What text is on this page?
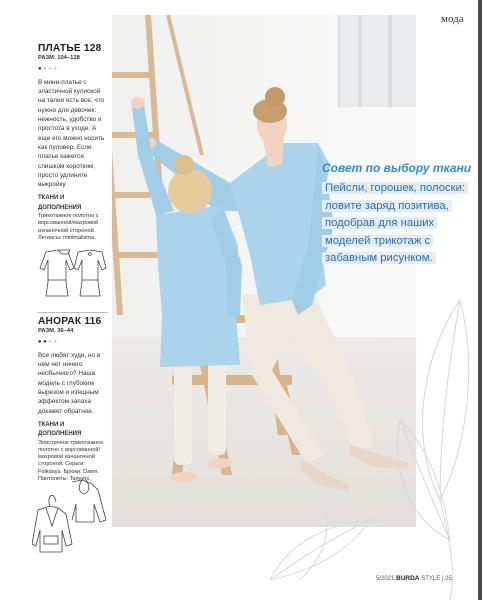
мода
ПЛАТЬЕ 128
РАЗМ. 104–128
●●●●

В мини-платье с эластичной кулиской на талии есть все, что нужно для девочек: нежность, удобство и простота в уходе. А еще его можно носить как пуловер. Если платье кажется слишком коротким, просто удлините выкройку.

ТКАНИ И ДОПОЛНЕНИЯ

Трикотажное полотно с ворсованной/махровой изнаночной стороной. Легинсы: minimalisma.

АНОРАК 116
РАЗМ. 36–44
●●●●

Все любят худи, но в нем нет ничего необычного? Наша модель с глубоким вырезом и изящным эффектом запаха докажет обратное.

ТКАНИ И ДОПОЛНЕНИЯ

Эластичное трикотажное полотно с ворсованной/махровой изнаночной стороной. Серьги: Folkdays. Брюки: Dawn. Пантолеты: Tamaris.

Совет по выбору ткани

Пейсли, горошек, полоски: ловите заряд позитива, подобрав для наших моделей трикотаж с забавным рисунком.

5/2021 BURDA STYLE | 25
